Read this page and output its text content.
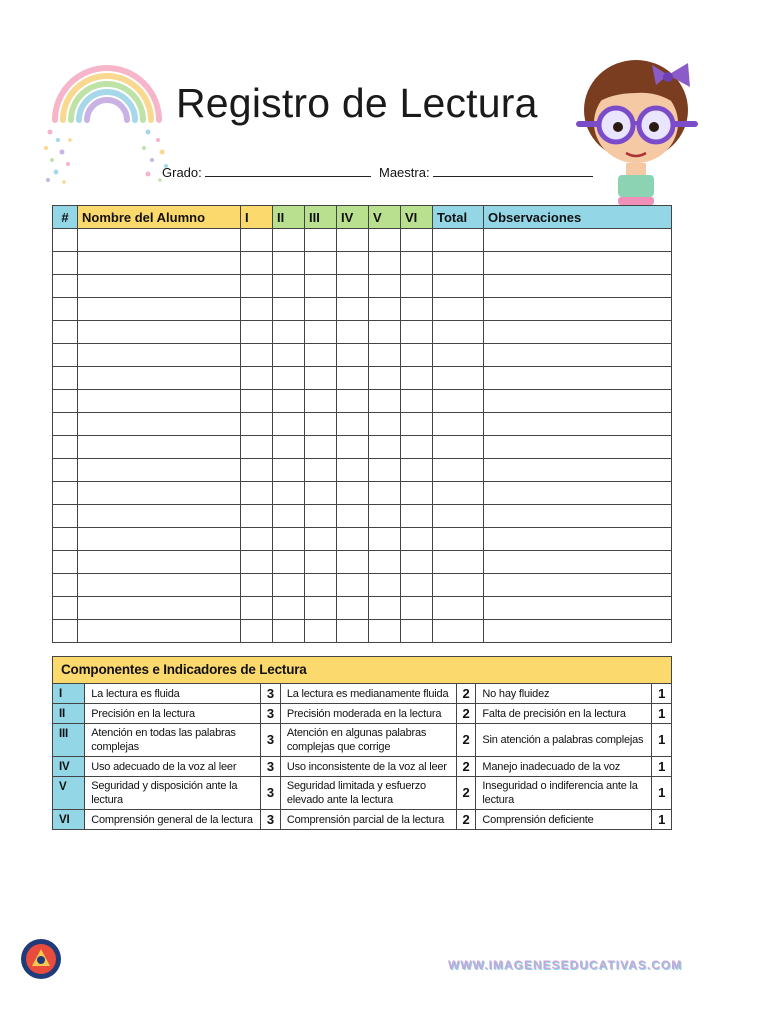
Registro de Lectura
Grado:	Maestra:
#	Nombre del Alumno	I	II	III	IV	V	VI	Total	Observaciones

Componentes e Indicadores de Lectura						
I	La lectura es fluida	3	La lectura es medianamente fluida	2	No hay fluidez	1
II	Precisión en la lectura	3	Precisión moderada en la lectura	2	Falta de precisión en la lectura	1
III	Atención en todas las palabras complejas	3	Atención en algunas palabras complejas que corrige	2	Sin atención a palabras complejas	1
IV	Uso adecuado de la voz al leer	3	Uso inconsistente de la voz al leer	2	Manejo inadecuado de la voz	1
V	Seguridad y disposición ante la lectura	3	Seguridad limitada y esfuerzo elevado ante la lectura	2	Inseguridad o indiferencia ante la lectura	1
VI	Comprensión general de la lectura	3	Comprensión parcial de la lectura	2	Comprensión deficiente	1
WWW.IMAGENESEDUCATIVAS.COM
